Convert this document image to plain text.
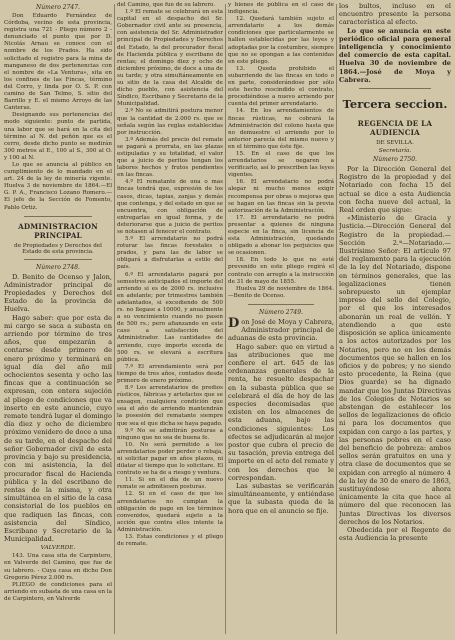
Número 2747.

Don Eduardo Fernández de Córdoba, vecino de esta provincia, registra una 721 - Pliego número 2 - denunciado el punto que por D. Nicolás Arnau se conoce con el nombre de los Prados. Ha sido solicitado el registro para la mina de manganeso de dos pertenencias con el nombre de «La Ventura», sita en los confines de las Fincas, término del Corro, y linda por O. S. P. con camino de San Telmo, S. sitio del Barrillo y E. el mismo Arroyo de las Canteras.

Designando sus pertenencias del modo siguiente: punto de partida, una labor que se hará en la cita del término al N. del peñón que es el cerro, desde dicho punto se medirán 300 metros al E., 100 al S., 300 al O. y 100 al N.

Lo que se anuncia al público en cumplimiento de lo mandado en el art. 24 de la ley de minería vigente. Huelva 3 de noviembre de 1864.—El G. P. A., Francisco Lozano Romero.—El jefe de la Sección de Fomento, Pablo Ortiz.

ADMINISTRACION PRINCIPAL

de Propiedades y Derechos del Estado de esta provincia.

Número 2748.

D. Benito de Ocenso y Jalon, Administrador principal de Propiedades y Derechos del Estado de la provincia de Huelva.

Hago saber: que por esta de mi cargo se saca a subasta en arriendo por término de tres años, que empezarán a contarse desde primero de enero próximo y terminará en igual día del año mil ochocientos sesenta y ocho las fincas que a continuación se expresan, con entera sujeción al pliego de condiciones que va inserto en este anuncio, cuyo remate tendrá lugar el domingo día diez y ocho de diciembre próximo venidero de doce a una de su tarde, en el despacho del señor Gobernador civil de esta provincia y bajo su presidencia, con mi asistencia, la del procurador fiscal de Hacienda pública y la del escribano de rentas de la misma, y otra simultánea en el sitio de la casa consistorial de los pueblos en que radiquen las fincas, con asistencia del Síndico, Escribano y Secretario de la Municipalidad.

VALVERDE.

143. Una casa sita de Carpintero, en Valverde del Camino, que fue de su labrero. - Cuya casa en dicho Don Gregorio Pérez 2.000 rs.

PLIEGO de condiciones para el arriendo en subasta de una casa en la de Carpintero, en Valverde

del Camino, que fue de su labrero.

1.º El remate se celebrará en esta capital en el despacho del Sr. Gobernador civil ante su presencia, con asistencia del Sr. Administrador principal de Propiedades y Derechos del Estado, la del procurador fiscal de Hacienda pública y escribano de rentas; el domingo diez y ocho de diciembre próximo, de doce a una de su tarde; y otra simultáneamente en su sitio de la casa del Alcalde de dicho pueblo, con asistencia del Síndico, Escribano y Secretario de la Municipalidad.

2.º No se admitirá postura menor que la cantidad de 2.000 rs. que se señala según las reglas establecidas por instrucción.

3.º Además del precio del remate se pagará a prorrata, en las plazas estipuladas y su totalidad, el valor que a juicio de peritos tengan los labores hechos y frutos pendientes en las fincas.

4.º El rematante de una o mas fincas tendrá que, expresión de los casos, dicas, tapias, zanjas y demás que contenga, y del estado en que se encuentra, con obligación de entregarlas en igual forma, y de deteriorarse que a juicio de peritos se notasen al fenecer el contrato.

5.º El arrendatario no podrá roturar las fincas forestales o prados, y para las de labor se obligará a disfrutarlas a estilo del país.

6.º El arrendatario pagará por semestres anticipados el importe del arriendo si es de 2000 rs. inclusive en adelante; por trimestres también adelantados, si excediendo de 500 rs. no llegase a 10000, y anualmente a su vencimiento cuando no pasen de 500 rs.; pero afianzando en este caso a satisfacción del Administrador. Las cantidades de arriendo, cuyo importe exceda de 500 rs. se elevará a escritura pública.

7.º El arrendamiento será por tiempo de tres años, contados desde primero de enero próximo.

8.º Los arrendatarios de predios rústicos, fábricas y artefactos que se ensagen, cualquiera condición que sea el año de arriendo mantendrán la posesión del rematante siempre que sea el que dicha se haya pagado.

9.º No se admitirán posturas a ninguno que no sea de buena fe.

10. No será permitido a los arrendatarios poder perder o rebaja, ni solicitar pagar en años plazos, ni dilatar el tiempo que lo solicitare. El contrato se ha de a riesgo y ventura.

11. Si en el día de un nuevo remate se admitiesen posturas.

12. Si en el caso de que los arrendatarios no cumplan la obligación de pago en los términos convenidos, quedará sujeto a la acción que contra ellos intente la Administración.

13. Estas condiciones y el pliego de remate.

y bienes de pública en el caso de indigencia.

12. Quedará también sujeto el arrendatario a los demás condiciones que particularmente se hallen establecidas por las leyes y adoptadas por la costumbre, siempre que no se opongan a las contenidas en este pliego.

13. Queda prohibido el subarriendo de las fincas en todo o en parte, considerándose por sólo este hecho rescindido el contrato, procediéndose a nuevo arriendo por cuenta del primer arrendatario.

14. En los arrendamientos de fincas rústicas, no cobrará la Administración del colono hasta que no demuestre el arriendo por lo anterior parecía del mismo nuevo y en el término que éste fije.

15. En el caso de que los arrendatarios se negaren a verificarlo, así lo prescriben las leyes vigentes.

16. El arrendatario no podrá alegar ni mucho menos exigir recompensa por obras o mejoras que se hagan en las fincas sin la previa autorización de la Administración.

17. El arrendatario no podrá presentar a quienes de ninguna especie en la finca, sin licencia de esta Administración, quedando obligado a abonar los perjuicios que se ocasionen.

18. En todo lo que no esté prevenido en este pliego regirá el contrato con arreglo a la instrucción de 31 de mayo de 1855.

Huelva 29 de noviembre de 1864. —Benito de Ocenso.

Número 2749.

Don José de Moya y Cabrera, Administrador principal de aduanas de esta provincia.

Hago saber: que en virtud a las atribuciones que me confiere el art. 645 de las ordenanzas generales de la renta, he resuelto despachar en la subasta pública que se celebrará el día de hoy de las especies decomisadas que existen en los almacenes de esta aduana, bajo las condiciones siguientes: Los efectos se adjudicarán al mejor postor que cubra el precio de su tasación, previa entrega del importe en el acto del remate y con los derechos que le correspondan.

Las subastas se verificarán simultáneamente, y entiéndase que la subasta queda de la hora que en el anuncio se fije.

los bultos, incluso en el encuentro presente la persona característica al efecto.

Lo que se anuncia en este periódico oficial para general inteligencia y conocimiento del comercio de esta capital. Huelva 30 de noviembre de 1864.—José de Moya y Cabrera.

Tercera seccion.

REGENCIA DE LA AUDIENCIA

DE SEVILLA.

Secretaría.

Número 2750.

Por la Dirección General del Registro de la propiedad y del Notariado con fecha 15 del actual se dice a esta Audiencia con fecha nueve del actual, la Real orden que sigue:

«Ministerio de Gracia y Justicia.—Dirección General del Registro de la propiedad.—Sección 2.ª—Notariado.—Ilustrísimo Señor: El artículo 97 del reglamento para la ejecución de la ley del Notariado, dispone en términos generales, que las legalizaciones tienen sobrepuesto un ejemplar impreso del sello del Colegio, por el que los interesados abonarán un real de vellón. Y atendiendo a que este disposición se aplica únicamente a los actos autorizados por los Notarios, pero no en los demás documentos que se hallen en los oficios y de pobres; y no siendo esto procedente, la Reina (que Dios guarde) se ha dignado mandar que los Juntas Directivas de los Colegios de Notarios se abstengan de establecer los sellos de legalizaciones de oficio ni para los documentos que expidan con cargo a las partes, y las personas pobres en el caso del beneficio de pobreza: ambos sellos serán gratuitos en una y otra clase de documentos que se expidan con arreglo al número 4 de la ley de 30 de enero de 1863, sustituyéndose ahora únicamente la cita que hace al número del que reconocen las Juntas Directivas los diversos derechos de los Notarios.

Obedecida por el Regente de esta Audiencia la presente
